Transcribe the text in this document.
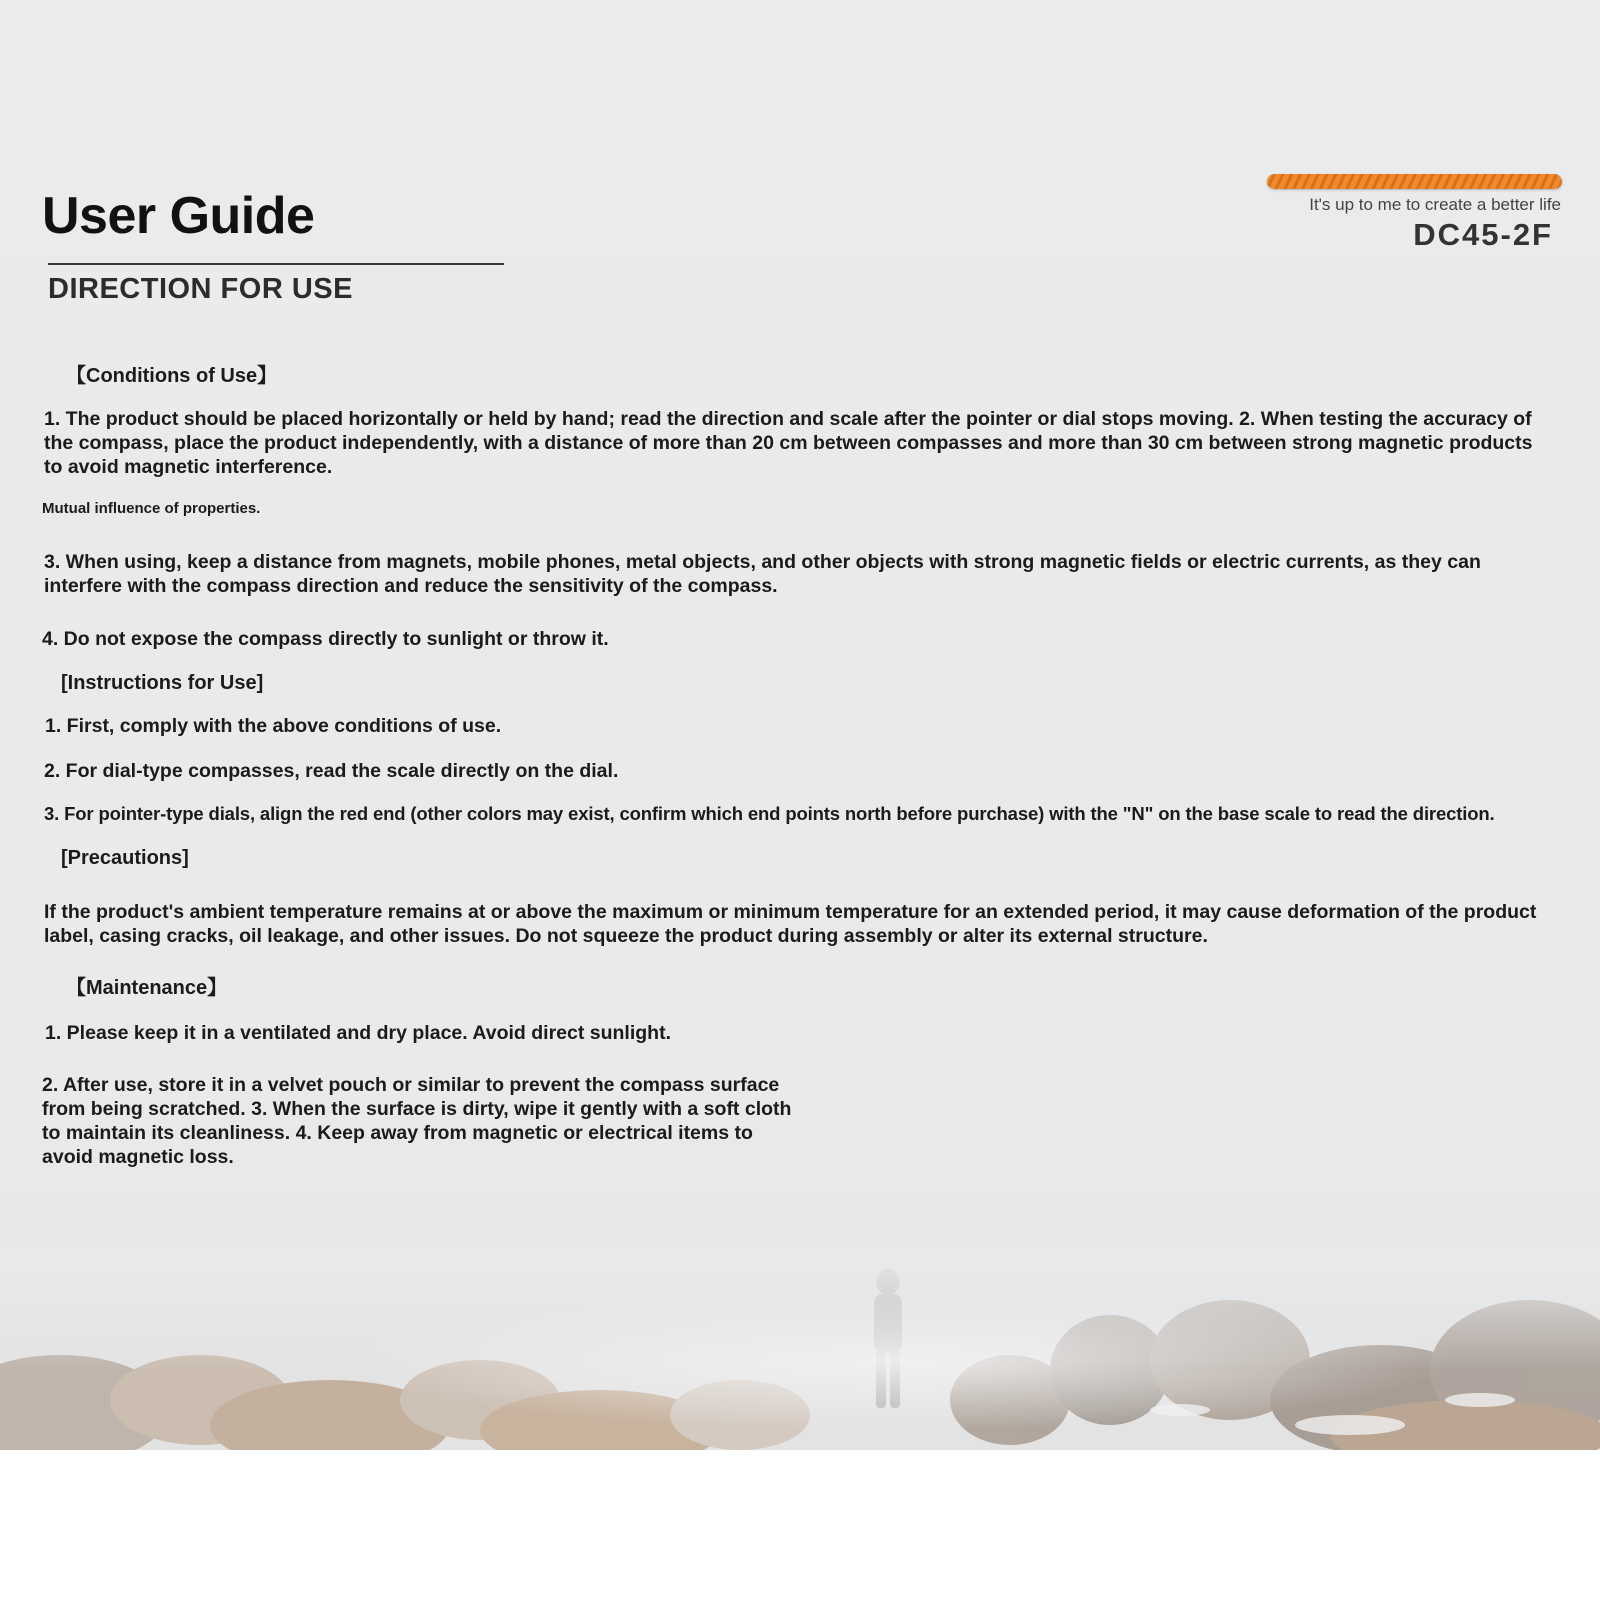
User Guide
DIRECTION FOR USE
It's up to me to create a better life
DC45-2F
【Conditions of Use】
1. The product should be placed horizontally or held by hand; read the direction and scale after the pointer or dial stops moving. 2. When testing the accuracy of the compass, place the product independently, with a distance of more than 20 cm between compasses and more than 30 cm between strong magnetic products to avoid magnetic interference.
Mutual influence of properties.
3. When using, keep a distance from magnets, mobile phones, metal objects, and other objects with strong magnetic fields or electric currents, as they can interfere with the compass direction and reduce the sensitivity of the compass.
4. Do not expose the compass directly to sunlight or throw it.
[Instructions for Use]
1. First, comply with the above conditions of use.
2. For dial-type compasses, read the scale directly on the dial.
3. For pointer-type dials, align the red end (other colors may exist, confirm which end points north before purchase) with the "N" on the base scale to read the direction.
[Precautions]
If the product's ambient temperature remains at or above the maximum or minimum temperature for an extended period, it may cause deformation of the product label, casing cracks, oil leakage, and other issues. Do not squeeze the product during assembly or alter its external structure.
【Maintenance】
1. Please keep it in a ventilated and dry place. Avoid direct sunlight.
2. After use, store it in a velvet pouch or similar to prevent the compass surface from being scratched. 3. When the surface is dirty, wipe it gently with a soft cloth to maintain its cleanliness. 4. Keep away from magnetic or electrical items to avoid magnetic loss.
